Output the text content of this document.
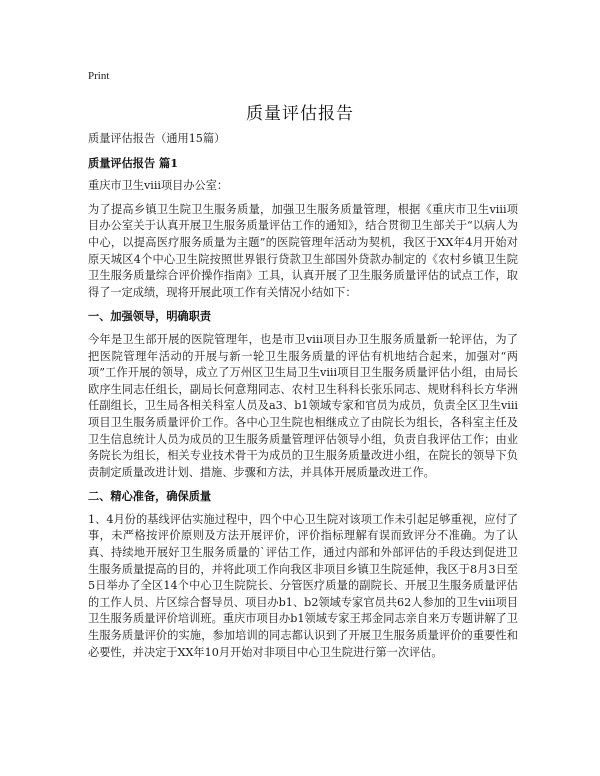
Print
质量评估报告

质量评估报告（通用15篇）

质量评估报告 篇1

重庆市卫生viii项目办公室：

为了提高乡镇卫生院卫生服务质量，加强卫生服务质量管理，根据《重庆市卫生viii项目办公室关于认真开展卫生服务质量评估工作的通知》，结合贯彻卫生部关于“以病人为中心，以提高医疗服务质量为主题”的医院管理年活动为契机，我区于XX年4月开始对原天城区4个中心卫生院按照世界银行贷款卫生部国外贷款办制定的《农村乡镇卫生院卫生服务质量综合评价操作指南》工具，认真开展了卫生服务质量评估的试点工作，取得了一定成绩，现将开展此项工作有关情况小结如下：

一、加强领导，明确职责

今年是卫生部开展的医院管理年，也是市卫viii项目办卫生服务质量新一轮评估，为了把医院管理年活动的开展与新一轮卫生服务质量的评估有机地结合起来，加强对“两项”工作开展的领导，成立了万州区卫生局卫生viii项目卫生服务质量评估小组，由局长欧序生同志任组长，副局长何意翔同志、农村卫生科科长张乐同志、规财科科长方华洲任副组长，卫生局各相关科室人员及a3、b1领域专家和官员为成员，负责全区卫生viii项目卫生服务质量评价工作。各中心卫生院也相继成立了由院长为组长，各科室主任及卫生信息统计人员为成员的卫生服务质量管理评估领导小组，负责自我评估工作；由业务院长为组长，相关专业技术骨干为成员的卫生服务质量改进小组，在院长的领导下负责制定质量改进计划、措施、步骤和方法，并具体开展质量改进工作。

二、精心准备，确保质量

1、4月份的基线评估实施过程中，四个中心卫生院对该项工作未引起足够重视，应付了事，未严格按评价原则及方法开展评价，评价指标理解有误而致评分不准确。为了认真、持续地开展好卫生服务质量的`评估工作，通过内部和外部评估的手段达到促进卫生服务质量提高的目的，并将此项工作向我区非项目乡镇卫生院延伸，我区于8月3日至5日举办了全区14个中心卫生院院长、分管医疗质量的副院长、开展卫生服务质量评估的工作人员、片区综合督导员、项目办b1、b2领域专家官员共62人参加的卫生viii项目卫生服务质量评价培训班。重庆市项目办b1领域专家王邦金同志亲自来万专题讲解了卫生服务质量评价的实施，参加培训的同志都认识到了开展卫生服务质量评价的重要性和必要性，并决定于XX年10月开始对非项目中心卫生院进行第一次评估。
